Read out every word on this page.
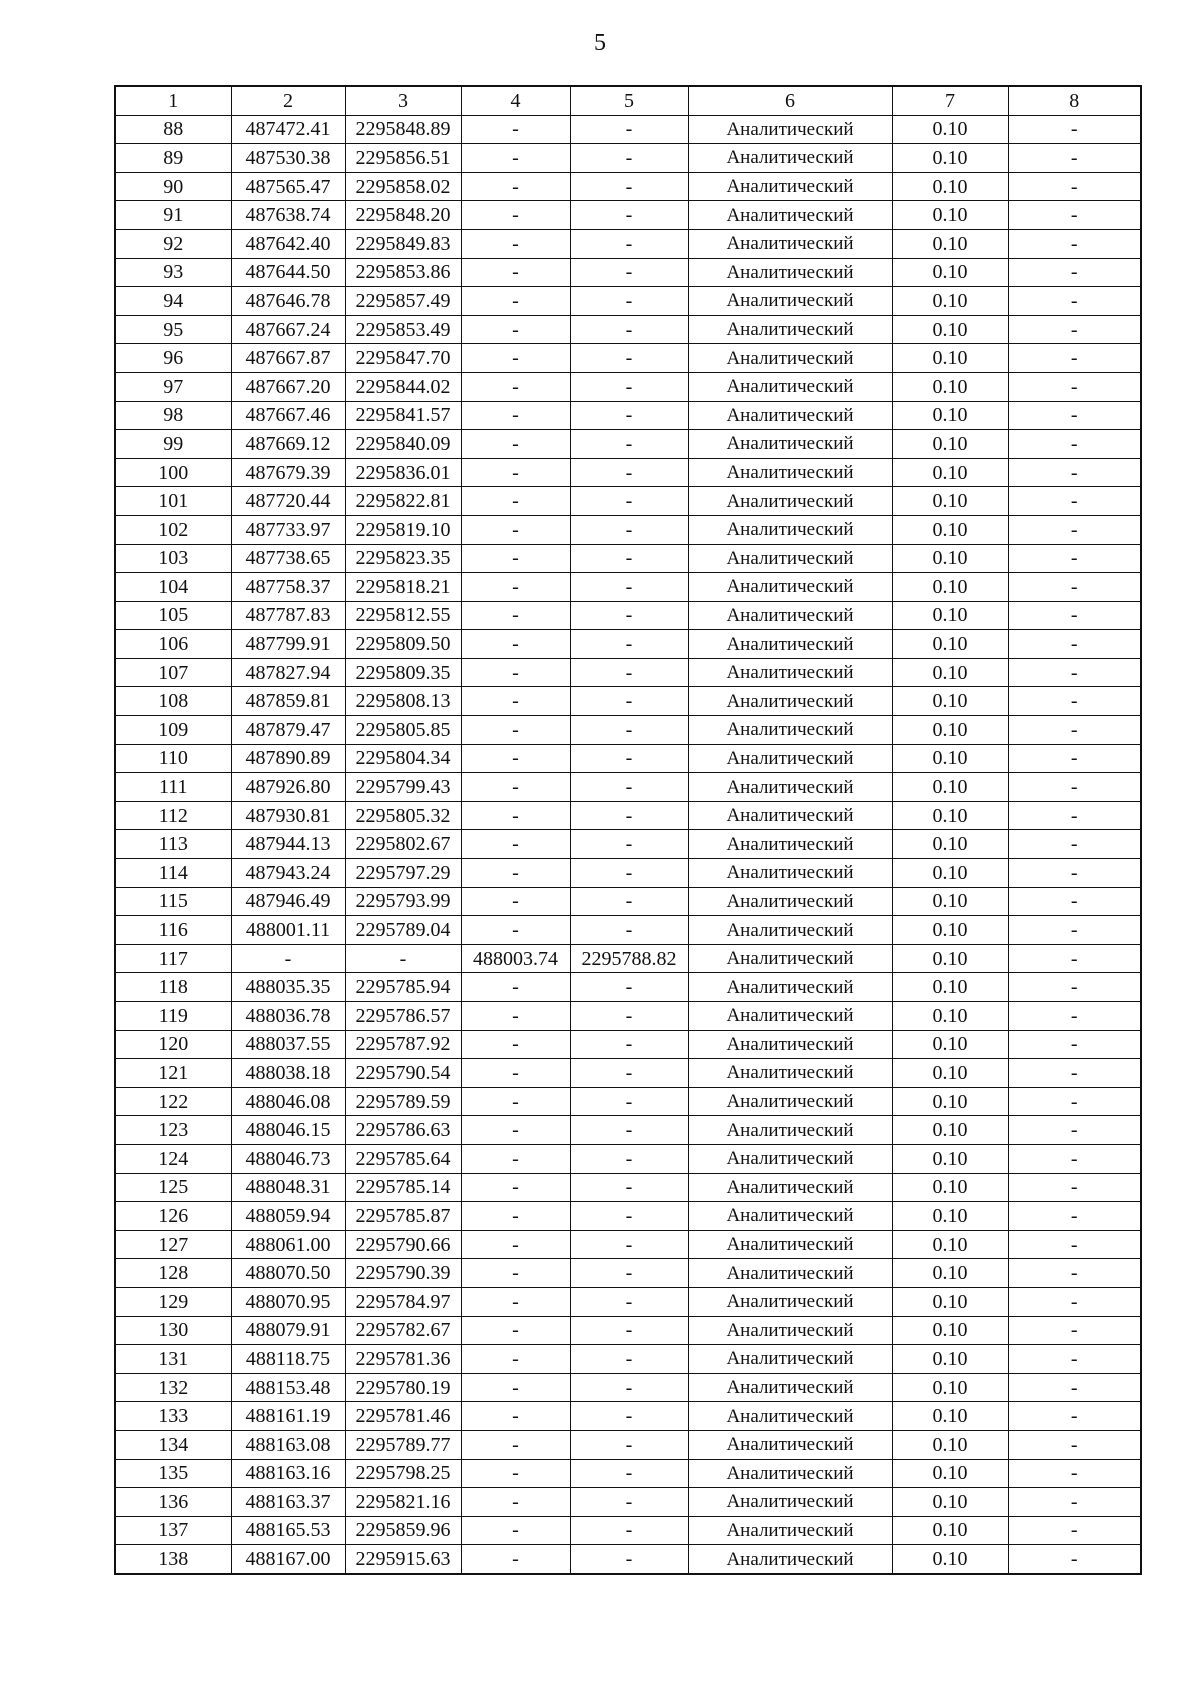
5
1	2	3	4	5	6	7	8
88	487472.41	2295848.89	-	-	Аналитический	0.10	-
89	487530.38	2295856.51	-	-	Аналитический	0.10	-
90	487565.47	2295858.02	-	-	Аналитический	0.10	-
91	487638.74	2295848.20	-	-	Аналитический	0.10	-
92	487642.40	2295849.83	-	-	Аналитический	0.10	-
93	487644.50	2295853.86	-	-	Аналитический	0.10	-
94	487646.78	2295857.49	-	-	Аналитический	0.10	-
95	487667.24	2295853.49	-	-	Аналитический	0.10	-
96	487667.87	2295847.70	-	-	Аналитический	0.10	-
97	487667.20	2295844.02	-	-	Аналитический	0.10	-
98	487667.46	2295841.57	-	-	Аналитический	0.10	-
99	487669.12	2295840.09	-	-	Аналитический	0.10	-
100	487679.39	2295836.01	-	-	Аналитический	0.10	-
101	487720.44	2295822.81	-	-	Аналитический	0.10	-
102	487733.97	2295819.10	-	-	Аналитический	0.10	-
103	487738.65	2295823.35	-	-	Аналитический	0.10	-
104	487758.37	2295818.21	-	-	Аналитический	0.10	-
105	487787.83	2295812.55	-	-	Аналитический	0.10	-
106	487799.91	2295809.50	-	-	Аналитический	0.10	-
107	487827.94	2295809.35	-	-	Аналитический	0.10	-
108	487859.81	2295808.13	-	-	Аналитический	0.10	-
109	487879.47	2295805.85	-	-	Аналитический	0.10	-
110	487890.89	2295804.34	-	-	Аналитический	0.10	-
111	487926.80	2295799.43	-	-	Аналитический	0.10	-
112	487930.81	2295805.32	-	-	Аналитический	0.10	-
113	487944.13	2295802.67	-	-	Аналитический	0.10	-
114	487943.24	2295797.29	-	-	Аналитический	0.10	-
115	487946.49	2295793.99	-	-	Аналитический	0.10	-
116	488001.11	2295789.04	-	-	Аналитический	0.10	-
117	-	-	488003.74	2295788.82	Аналитический	0.10	-
118	488035.35	2295785.94	-	-	Аналитический	0.10	-
119	488036.78	2295786.57	-	-	Аналитический	0.10	-
120	488037.55	2295787.92	-	-	Аналитический	0.10	-
121	488038.18	2295790.54	-	-	Аналитический	0.10	-
122	488046.08	2295789.59	-	-	Аналитический	0.10	-
123	488046.15	2295786.63	-	-	Аналитический	0.10	-
124	488046.73	2295785.64	-	-	Аналитический	0.10	-
125	488048.31	2295785.14	-	-	Аналитический	0.10	-
126	488059.94	2295785.87	-	-	Аналитический	0.10	-
127	488061.00	2295790.66	-	-	Аналитический	0.10	-
128	488070.50	2295790.39	-	-	Аналитический	0.10	-
129	488070.95	2295784.97	-	-	Аналитический	0.10	-
130	488079.91	2295782.67	-	-	Аналитический	0.10	-
131	488118.75	2295781.36	-	-	Аналитический	0.10	-
132	488153.48	2295780.19	-	-	Аналитический	0.10	-
133	488161.19	2295781.46	-	-	Аналитический	0.10	-
134	488163.08	2295789.77	-	-	Аналитический	0.10	-
135	488163.16	2295798.25	-	-	Аналитический	0.10	-
136	488163.37	2295821.16	-	-	Аналитический	0.10	-
137	488165.53	2295859.96	-	-	Аналитический	0.10	-
138	488167.00	2295915.63	-	-	Аналитический	0.10	-
